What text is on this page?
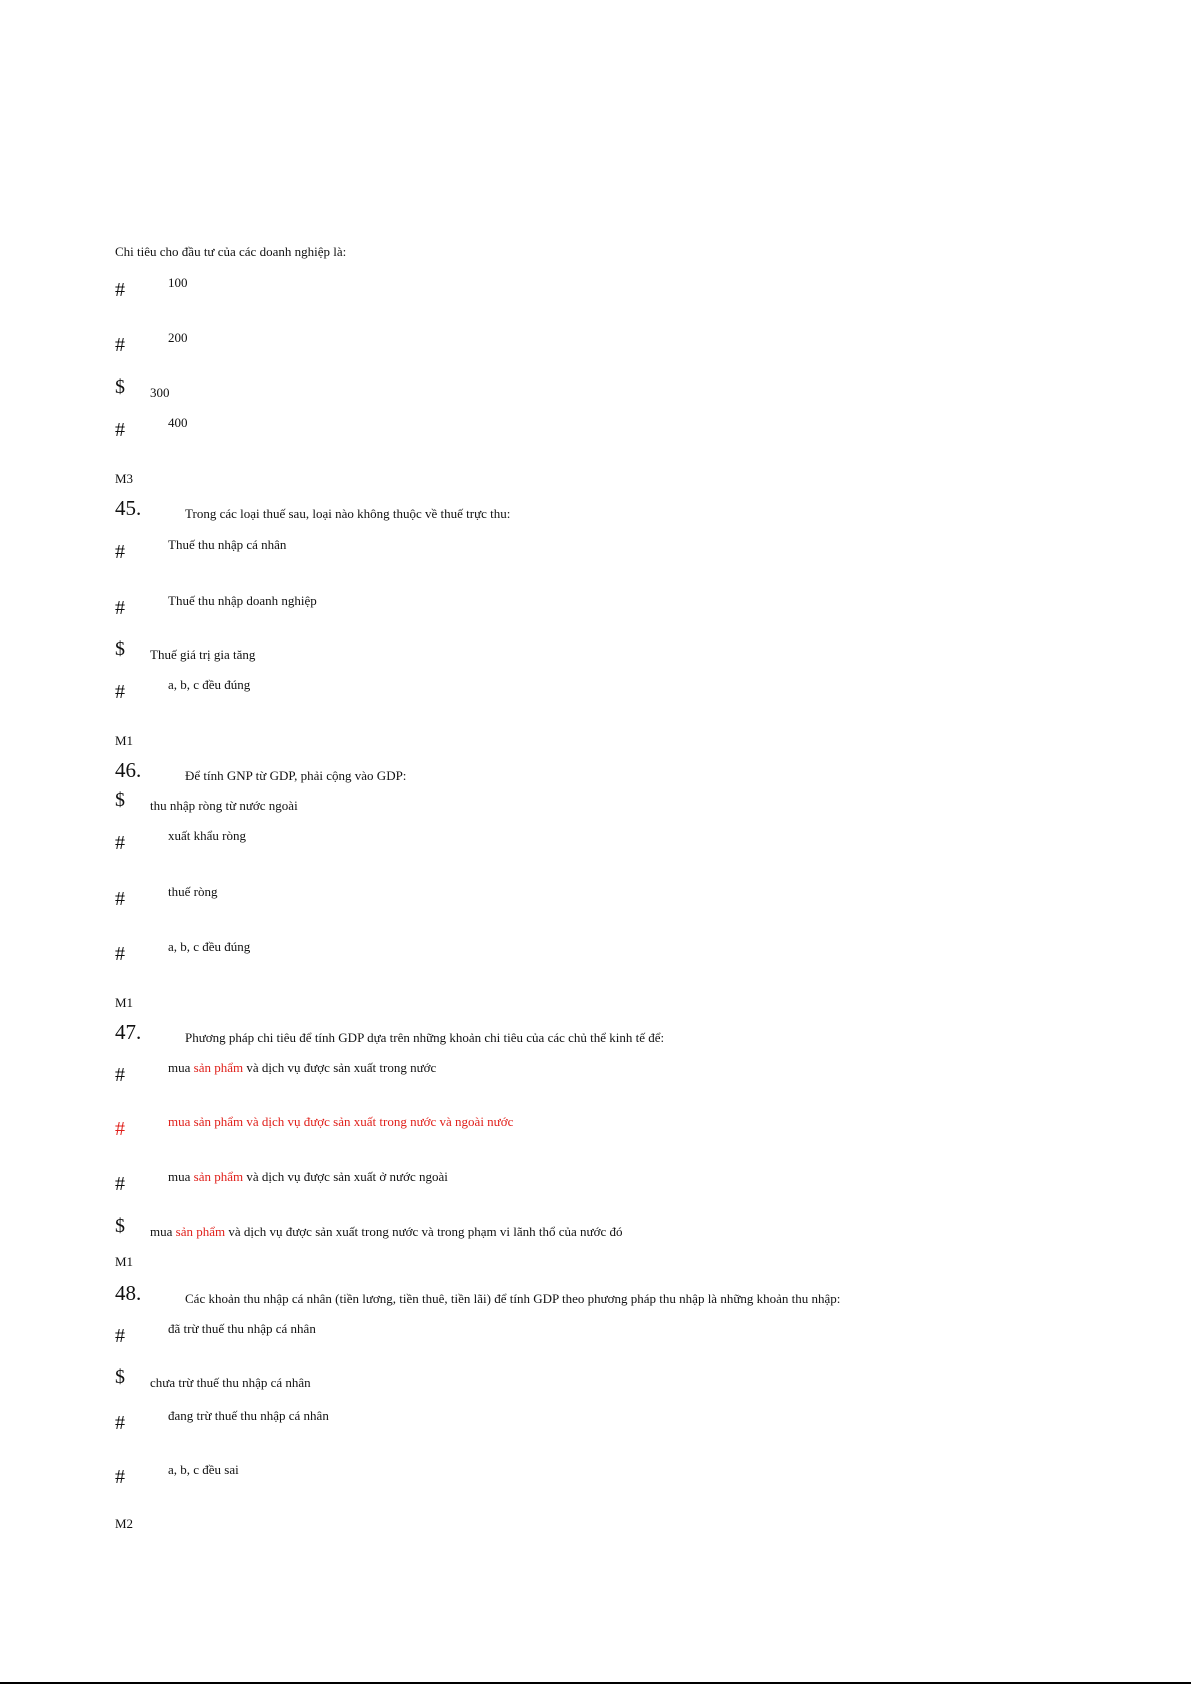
Chi tiêu cho đầu tư của các doanh nghiệp là:
#	100
#	200
$ 300
#	400
M3
45.	Trong các loại thuế sau, loại nào không thuộc về thuế trực thu:
#	Thuế thu nhập cá nhân
#	Thuế thu nhập doanh nghiệp
$ Thuế giá trị gia tăng
#	a, b, c đều đúng
M1
46.	Để tính GNP từ GDP, phải cộng vào GDP:
$ thu nhập ròng từ nước ngoài
#	xuất khẩu ròng
#	thuế ròng
#	a, b, c đều đúng
M1
47.	Phương pháp chi tiêu để tính GDP dựa trên những khoản chi tiêu của các chủ thể kinh tế để:
#	mua sản phẩm và dịch vụ được sản xuất trong nước
#	mua sản phẩm và dịch vụ được sản xuất trong nước và ngoài nước
#	mua sản phẩm và dịch vụ được sản xuất ở nước ngoài
$ mua sản phẩm và dịch vụ được sản xuất trong nước và trong phạm vi lãnh thổ của nước đó
M1
48.	Các khoản thu nhập cá nhân (tiền lương, tiền thuê, tiền lãi) để tính GDP theo phương pháp thu nhập là những khoản thu nhập:
#	đã trừ thuế thu nhập cá nhân
$ chưa trừ thuế thu nhập cá nhân
#	đang trừ thuế thu nhập cá nhân
#	a, b, c đều sai
M2
